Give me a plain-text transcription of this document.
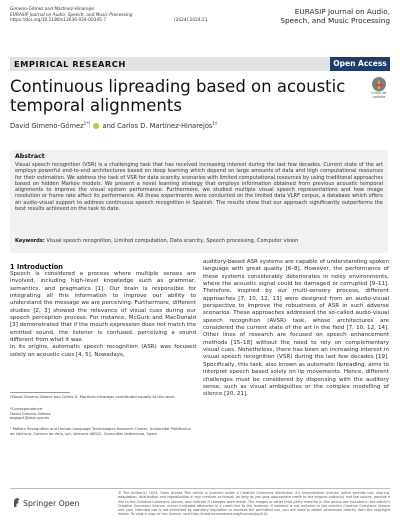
Gimeno-Gómez and Martínez-Hinarejos
EURASIP Journal on Audio, Speech, and Music Processing
https://doi.org/10.1186/s13636-024-00345-7	(2024) 2024:21
EURASIP Journal on Audio,
Speech, and Music Processing
EMPIRICAL RESEARCH	Open Access
Check for updates
Continuous lipreading based on acoustic
temporal alignments
David Gimeno-Gómez$^{1*\dagger}$ and Carlos D. Martínez-Hinarejos$^{1\dagger}$
Abstract
Visual speech recognition (VSR) is a challenging task that has received increasing interest during the last few decades. Current state of the art employs powerful end-to-end architectures based on deep learning which depend on large amounts of data and high computational resources for their estimation. We address the task of VSR for data scarcity scenarios with limited computational resources by using traditional approaches based on hidden Markov models. We present a novel learning strategy that employs information obtained from previous acoustic temporal alignments to improve the visual system performance. Furthermore, we studied multiple visual speech representations and how image resolution or frame rate affect its performance. All these experiments were conducted on the limited data VLRF corpus, a database which offers an audio-visual support to address continuous speech recognition in Spanish. The results show that our approach significantly outperforms the best results achieved on the task to date.
Keywords: Visual speech recognition, Limited computation, Data scarcity, Speech processing, Computer vision
1 Introduction
Speech is considered a process where multiple senses are involved, including high-level knowledge such as grammar, semantics, and pragmatics [1]. Our brain is responsible for integrating all this information to improve our ability to understand the message we are perceiving. Furthermore, different studies [2, 3] showed the relevance of visual cues during our speech perception process. For instance, McGurk and MacDonald [3] demonstrated that if the mouth expression does not match the emitted sound, the listener is confused, perceiving a sound different from what it was.
In its origins, automatic speech recognition (ASR) was focused solely on acoustic cues [4, 5]. Nowadays,
auditory-based ASR systems are capable of understanding spoken language with great quality [6–8]. However, the performance of these systems considerably deteriorates in noisy environments, where the acoustic signal could be damaged or corrupted [9–11]. Therefore, inspired by our multi-sensory process, different approaches [7, 10, 12, 13] were designed from an audio-visual perspective to improve the robustness of ASR in such adverse scenarios. These approaches addressed the so-called audio-visual speech recognition (AVSR) task, whose architectures are considered the current state of the art in the field [7, 10, 12, 14]. Other lines of research are focused on speech enhancement methods [15–18] without the need to rely on complementary visual cues. Nonetheless, there has been an increasing interest in visual speech recognition (VSR) during the last few decades [19]. Specifically, this task, also known as automatic lipreading, aims to interpret speech based solely on lip movements. Hence, different challenges must be considered by dispensing with the auditory sense, such as visual ambiguities or the complex modelling of silence [20, 21].
†David Gimeno-Gómez and Carlos D. Martínez-Hinarejos contributed equally to this work.
*Correspondence:
David Gimeno-Gómez
dagigo1@dsic.upv.es
¹ Pattern Recognition and Human Language Technologies Research Center, Universitat Politècnica de València, Camino de Vera, s/n, Valencia 46022, Comunitat Valenciana, Spain
Springer Open
© The Author(s) 2024. Open Access This article is licensed under a Creative Commons Attribution 4.0 International License, which permits use, sharing, adaptation, distribution and reproduction in any medium or format, as long as you give appropriate credit to the original author(s) and the source, provide a link to the Creative Commons licence, and indicate if changes were made. The images or other third party material in this article are included in the article's Creative Commons licence, unless indicated otherwise in a credit line to the material. If material is not included in the article's Creative Commons licence and your intended use is not permitted by statutory regulation or exceeds the permitted use, you will need to obtain permission directly from the copyright holder. To view a copy of this licence, visit http://creativecommons.org/licenses/by/4.0/.
